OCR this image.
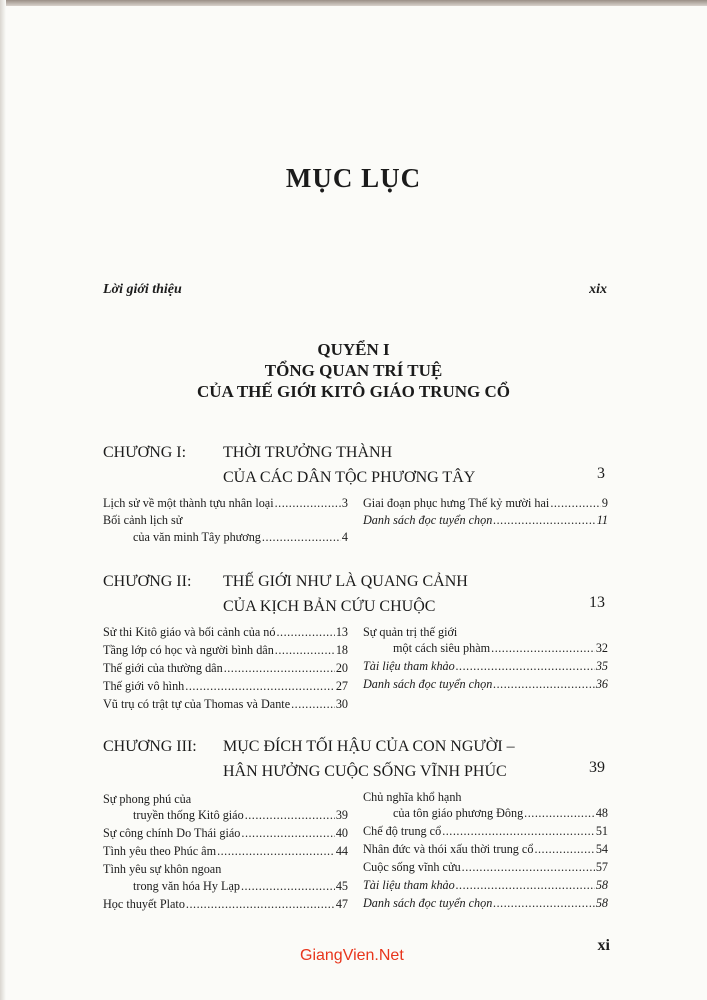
MỤC LỤC
Lời giới thiệu	xix
QUYỂN I
TỔNG QUAN TRÍ TUỆ
CỦA THẾ GIỚI KITÔ GIÁO TRUNG CỔ
CHƯƠNG I: THỜI TRƯỞNG THÀNH
CỦA CÁC DÂN TỘC PHƯƠNG TÂY	3
Lịch sử về một thành tựu nhân loại .....	3
Bối cảnh lịch sử
của văn minh Tây phương .....	4
Giai đoạn phục hưng Thế kỷ mười hai .....	9
Danh sách đọc tuyển chọn .....	11
CHƯƠNG II: THẾ GIỚI NHƯ LÀ QUANG CẢNH
CỦA KỊCH BẢN CỨU CHUỘC	13
Sử thi Kitô giáo và bối cảnh của nó .....	13
Tầng lớp có học và người bình dân .....	18
Thế giới của thường dân .....	20
Thế giới vô hình .....	27
Vũ trụ có trật tự của Thomas và Dante .....	30
Sự quản trị thế giới
một cách siêu phàm .....	32
Tài liệu tham khảo .....	35
Danh sách đọc tuyển chọn .....	36
CHƯƠNG III: MỤC ĐÍCH TỐI HẬU CỦA CON NGƯỜI –
HÂN HƯỞNG CUỘC SỐNG VĨNH PHÚC	39
Sự phong phú của
truyền thống Kitô giáo .....	39
Sự công chính Do Thái giáo .....	40
Tình yêu theo Phúc âm .....	44
Tình yêu sự khôn ngoan
trong văn hóa Hy Lạp .....	45
Học thuyết Plato .....	47
Chủ nghĩa khổ hạnh
của tôn giáo phương Đông .....	48
Chế độ trung cổ .....	51
Nhân đức và thói xấu thời trung cổ .....	54
Cuộc sống vĩnh cửu .....	57
Tài liệu tham khảo .....	58
Danh sách đọc tuyển chọn .....	58
xi
GiangVien.Net
